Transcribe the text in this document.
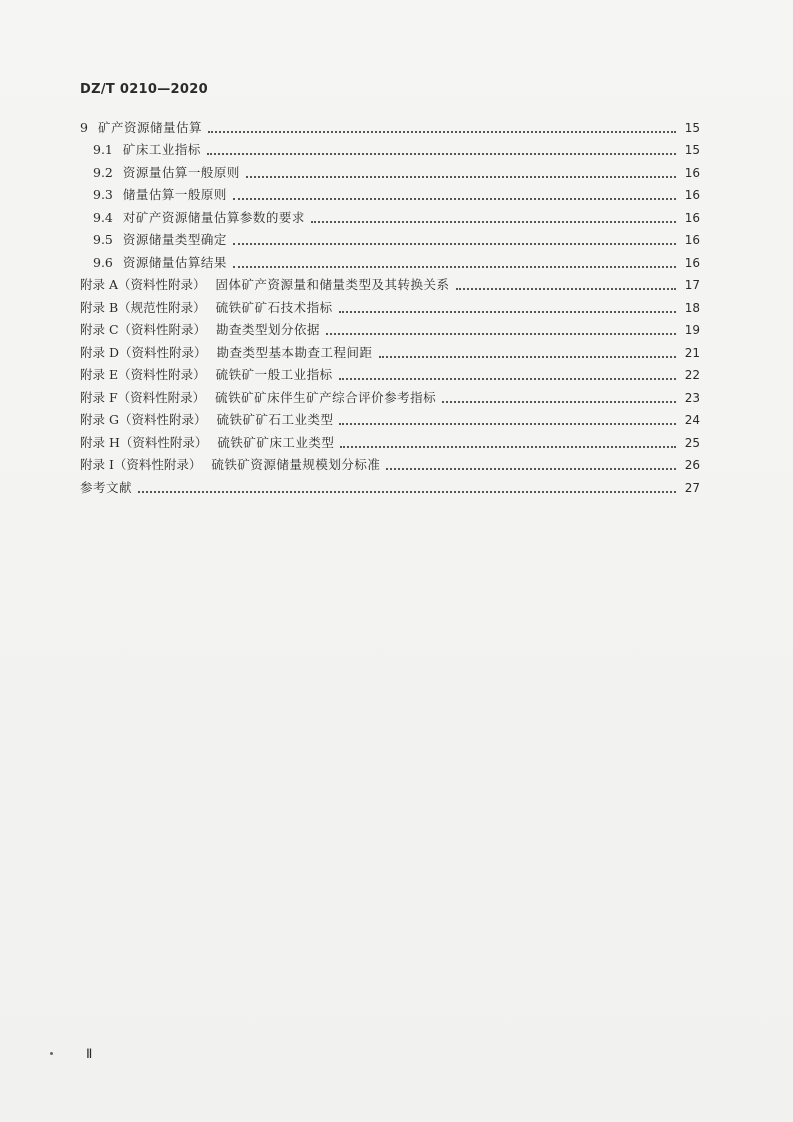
DZ/T 0210—2020
9 矿产资源储量估算	15
9.1 矿床工业指标	15
9.2 资源量估算一般原则	16
9.3 储量估算一般原则	16
9.4 对矿产资源储量估算参数的要求	16
9.5 资源储量类型确定	16
9.6 资源储量估算结果	16
附录 A（资料性附录） 固体矿产资源量和储量类型及其转换关系	17
附录 B（规范性附录） 硫铁矿矿石技术指标	18
附录 C（资料性附录） 勘查类型划分依据	19
附录 D（资料性附录） 勘查类型基本勘查工程间距	21
附录 E（资料性附录） 硫铁矿一般工业指标	22
附录 F（资料性附录） 硫铁矿矿床伴生矿产综合评价参考指标	23
附录 G（资料性附录） 硫铁矿矿石工业类型	24
附录 H（资料性附录） 硫铁矿矿床工业类型	25
附录 I（资料性附录） 硫铁矿资源储量规模划分标准	26
参考文献	27
Ⅱ
